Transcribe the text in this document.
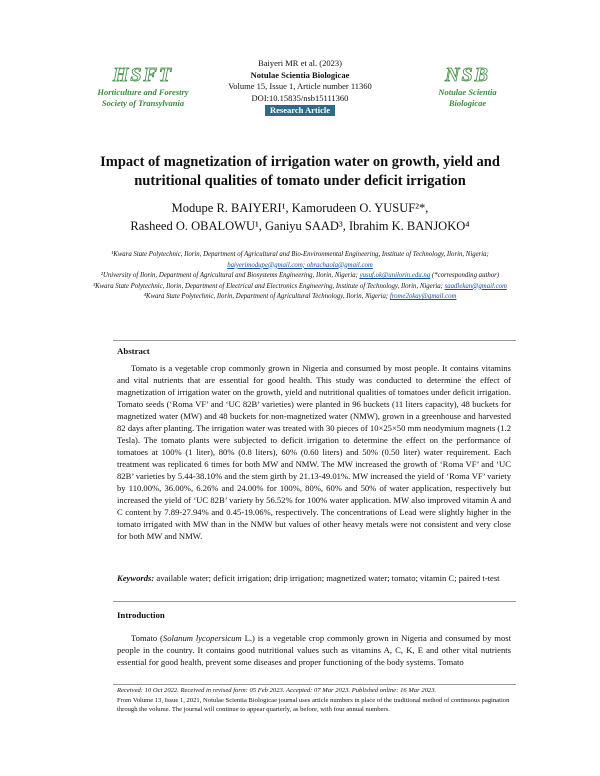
HSFT
Horticulture and Forestry
Society of Transylvania
Baiyeri MR et al. (2023)
Notulae Scientia Biologicae
Volume 15, Issue 1, Article number 11360
DOI:10.15835/nsb15111360
Research Article
NSB
Notulae Scientia
Biologicae
Impact of magnetization of irrigation water on growth, yield and nutritional qualities of tomato under deficit irrigation
Modupe R. BAIYERI¹, Kamorudeen O. YUSUF²*,
Rasheed O. OBALOWU¹, Ganiyu SAAD³, Ibrahim K. BANJOKO⁴
¹Kwara State Polytechnic, Ilorin, Department of Agricultural and Bio-Environmental Engineering, Institute of Technology, Ilorin, Nigeria; baiyerimodupe@gmail.com; obrachaola@gmail.com
²University of Ilorin, Department of Agricultural and Biosystems Engineering, Ilorin, Nigeria; yusuf.ok@unilorin.edu.ng (*corresponding author)
³Kwara State Polytechnic, Ilorin, Department of Electrical and Electronics Engineering, Institute of Technology, Ilorin, Nigeria; saadlekan@gmail.com
⁴Kwara State Polytechnic, Ilorin, Department of Agricultural Technology, Ilorin, Nigeria; frome2okay@gmail.com
Abstract
Tomato is a vegetable crop commonly grown in Nigeria and consumed by most people. It contains vitamins and vital nutrients that are essential for good health. This study was conducted to determine the effect of magnetization of irrigation water on the growth, yield and nutritional qualities of tomatoes under deficit irrigation. Tomato seeds (‘Roma VF’ and ‘UC 82B’ varieties) were planted in 96 buckets (11 liters capacity), 48 buckets for magnetized water (MW) and 48 buckets for non-magnetized water (NMW), grown in a greenhouse and harvested 82 days after planting. The irrigation water was treated with 30 pieces of 10×25×50 mm neodymium magnets (1.2 Tesla). The tomato plants were subjected to deficit irrigation to determine the effect on the performance of tomatoes at 100% (1 liter), 80% (0.8 liters), 60% (0.60 liters) and 50% (0.50 liter) water requirement. Each treatment was replicated 6 times for both MW and NMW. The MW increased the growth of ‘Roma VF’ and ‘UC 82B’ varieties by 5.44-38.10% and the stem girth by 21.13-49.01%. MW increased the yield of ‘Roma VF’ variety by 110.00%, 36.00%, 6.26% and 24.00% for 100%, 80%, 60% and 50% of water application, respectively but increased the yield of ‘UC 82B’ variety by 56.52% for 100% water application. MW also improved vitamin A and C content by 7.89-27.94% and 0.45-19.06%, respectively. The concentrations of Lead were slightly higher in the tomato irrigated with MW than in the NMW but values of other heavy metals were not consistent and very close for both MW and NMW.
Keywords: available water; deficit irrigation; drip irrigation; magnetized water; tomato; vitamin C; paired t-test
Introduction
Tomato (Solanum lycopersicum L.) is a vegetable crop commonly grown in Nigeria and consumed by most people in the country. It contains good nutritional values such as vitamins A, C, K, E and other vital nutrients essential for good health, prevent some diseases and proper functioning of the body systems. Tomato
Received: 10 Oct 2022. Received in revised form: 05 Feb 2023. Accepted: 07 Mar 2023. Published online: 16 Mar 2023.
From Volume 13, Issue 1, 2021, Notulae Scientia Biologicae journal uses article numbers in place of the traditional method of continuous pagination through the volume. The journal will continue to appear quarterly, as before, with four annual numbers.
